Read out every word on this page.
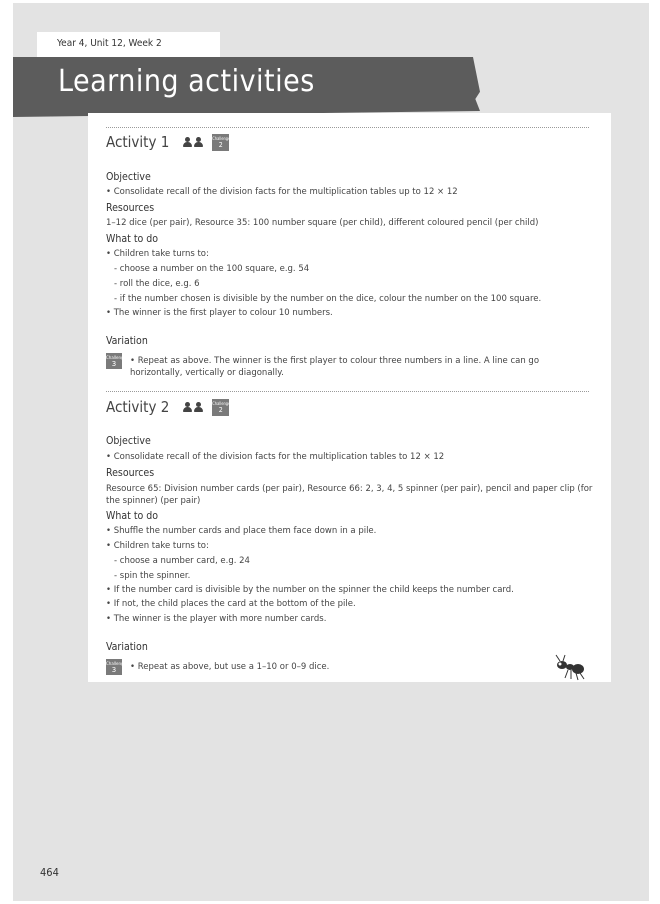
Year 4, Unit 12, Week 2
Learning activities
Activity 1	Challenge
2
Objective
• Consolidate recall of the division facts for the multiplication tables up to 12 × 12
Resources
1–12 dice (per pair), Resource 35: 100 number square (per child), different coloured pencil (per child)
What to do
• Children take turns to:
- choose a number on the 100 square, e.g. 54
- roll the dice, e.g. 6
- if the number chosen is divisible by the number on the dice, colour the number on the 100 square.
• The winner is the first player to colour 10 numbers.
Variation
Challenge
3	• Repeat as above. The winner is the first player to colour three numbers in a line. A line can go horizontally, vertically or diagonally.
Activity 2	Challenge
2
Objective
• Consolidate recall of the division facts for the multiplication tables to 12 × 12
Resources
Resource 65: Division number cards (per pair), Resource 66: 2, 3, 4, 5 spinner (per pair), pencil and paper clip (for
the spinner) (per pair)
What to do
• Shuffle the number cards and place them face down in a pile.
• Children take turns to:
- choose a number card, e.g. 24
- spin the spinner.
• If the number card is divisible by the number on the spinner the child keeps the number card.
• If not, the child places the card at the bottom of the pile.
• The winner is the player with more number cards.
Variation
Challenge
3	• Repeat as above, but use a 1–10 or 0–9 dice.
464
